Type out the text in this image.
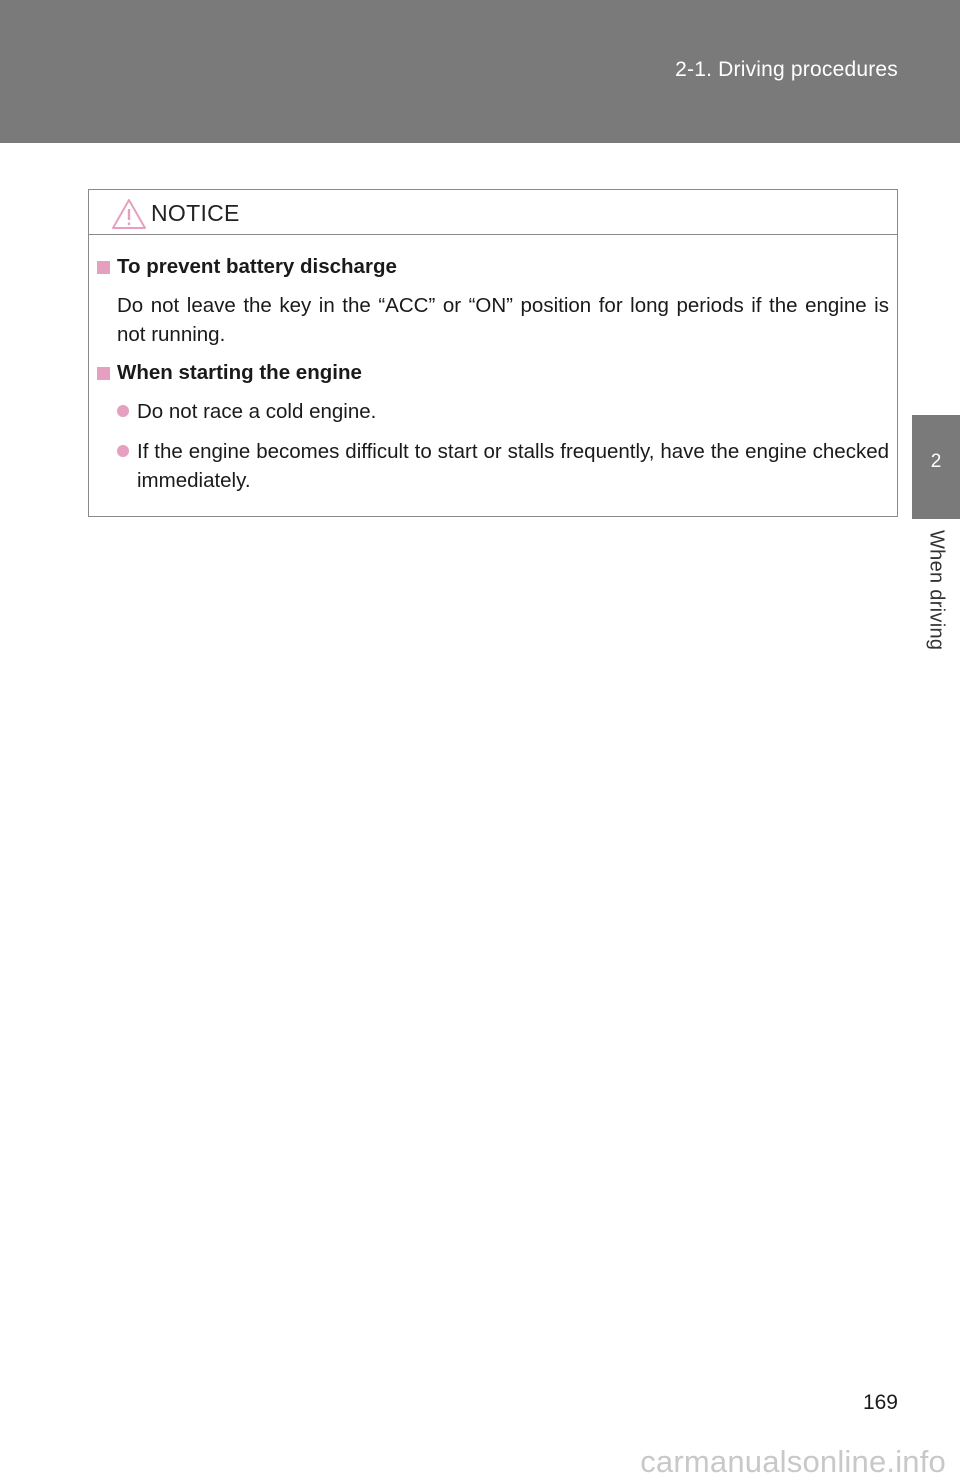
2-1. Driving procedures
2
When driving
NOTICE
To prevent battery discharge
Do not leave the key in the “ACC” or “ON” position for long periods if the engine is not running.
When starting the engine
Do not race a cold engine.
If the engine becomes difficult to start or stalls frequently, have the engine checked immediately.
169
carmanualsonline.info
